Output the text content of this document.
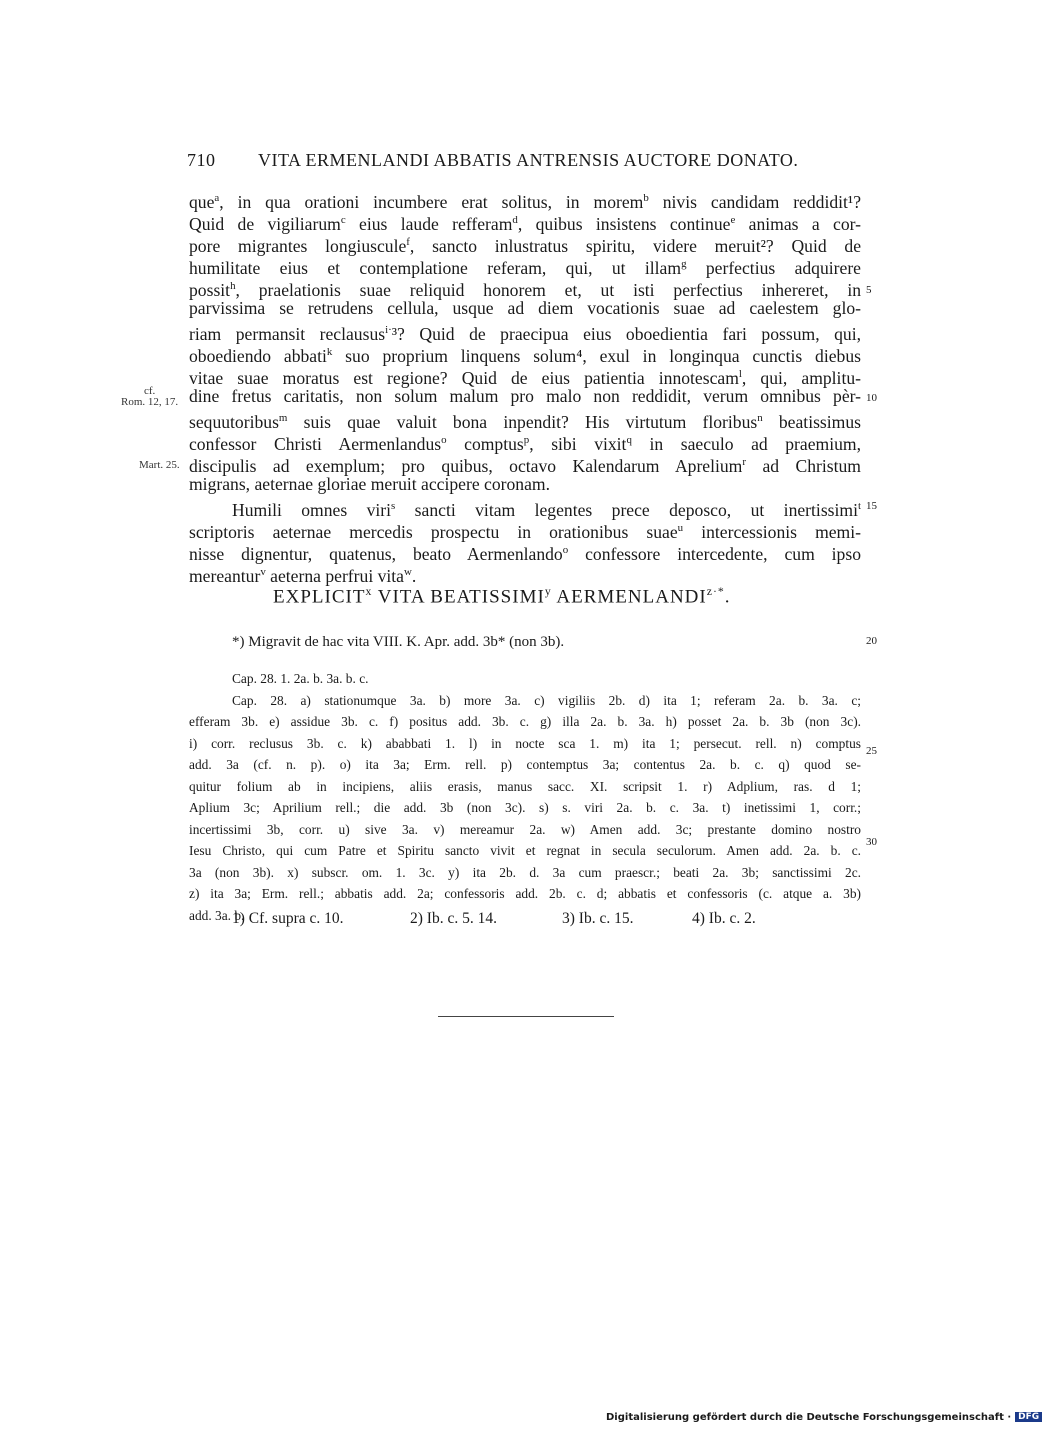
710 VITA ERMENLANDI ABBATIS ANTRENSIS AUCTORE DONATO.
que$^a$, in qua orationi incumbere erat solitus, in morem$^b$ nivis candidam reddidit¹?
Quid de vigiliarum$^c$ eius laude refferam$^d$, quibus insistens continue$^e$ animas a cor-
pore migrantes longiuscule$^f$, sancto inlustratus spiritu, videre meruit²? Quid de
humilitate eius et contemplatione referam, qui, ut illam$^g$ perfectius adquirere
possit$^h$, praelationis suae reliquid honorem et, ut isti perfectius inhereret, in
parvissima se retrudens cellula, usque ad diem vocationis suae ad caelestem glo-
riam permansit reclausus$^{i\cdot}$³? Quid de praecipua eius oboedientia fari possum, qui,
oboediendo abbati$^k$ suo proprium linquens solum⁴, exul in longinqua cunctis diebus
vitae suae moratus est regione? Quid de eius patientia innotescam$^l$, qui, amplitu-
dine fretus caritatis, non solum malum pro malo non reddidit, verum omnibus pèr-
sequutoribus$^m$ suis quae valuit bona inpendit? His virtutum floribus$^n$ beatissimus
confessor Christi Aermenlandus$^o$ comptus$^p$, sibi vixit$^q$ in saeculo ad praemium,
discipulis ad exemplum; pro quibus, octavo Kalendarum Aprelium$^r$ ad Christum
migrans, aeternae gloriae meruit accipere coronam.
Humili omnes viri$^s$ sancti vitam legentes prece deposco, ut inertissimi$^t$
scriptoris aeternae mercedis prospectu in orationibus suae$^u$ intercessionis memi-
nisse dignentur, quatenus, beato Aermenlando$^o$ confessore intercedente, cum ipso
mereantur$^v$ aeterna perfrui vita$^w$.
cf.
Rom. 12, 17.
Mart. 25.
5
10
15
20
25
30
EXPLICIT$^x$ VITA BEATISSIMI$^y$ $AERMENLANDI^{z\cdot*}$.
*) Migravit de hac vita VIII. K. Apr. add. 3b* (non 3b).
Cap. 28. 1. 2a. b. 3a. b. c.
Cap. 28. a) stationumque 3a. b) more 3a. c) vigiliis 2b. d) ita 1; referam 2a. b. 3a. c;
efferam 3b. e) assidue 3b. c. f) positus add. 3b. c. g) illa 2a. b. 3a. h) posset 2a. b. 3b (non 3c).
i) corr. reclusus 3b. c. k) ababbati 1. l) in nocte sca 1. m) ita 1; persecut. rell. n) comptus
add. 3a (cf. n. p). o) ita 3a; Erm. rell. p) contemptus 3a; contentus 2a. b. c. q) quod se-
quitur folium ab in incipiens, aliis erasis, manus sacc. XI. scripsit 1. r) Adplium, ras. d 1;
Aplium 3c; Aprilium rell.; die add. 3b (non 3c). s) s. viri 2a. b. c. 3a. t) inetissimi 1, corr.;
incertissimi 3b, corr. u) sive 3a. v) mereamur 2a. w) Amen add. 3c; prestante domino nostro
Iesu Christo, qui cum Patre et Spiritu sancto vivit et regnat in secula seculorum. Amen add. 2a. b. c.
3a (non 3b). x) subscr. om. 1. 3c. y) ita 2b. d. 3a cum praescr.; beati 2a. 3b; sanctissimi 2c.
z) ita 3a; Erm. rell.; abbatis add. 2a; confessoris add. 2b. c. d; abbatis et confessoris (c. atque a. 3b)
add. 3a. b.
1) Cf. supra c. 10.	2) Ib. c. 5. 14.	3) Ib. c. 15.	4) Ib. c. 2.
Digitalisierung gefördert durch die Deutsche Forschungsgemeinschaft · DFG
